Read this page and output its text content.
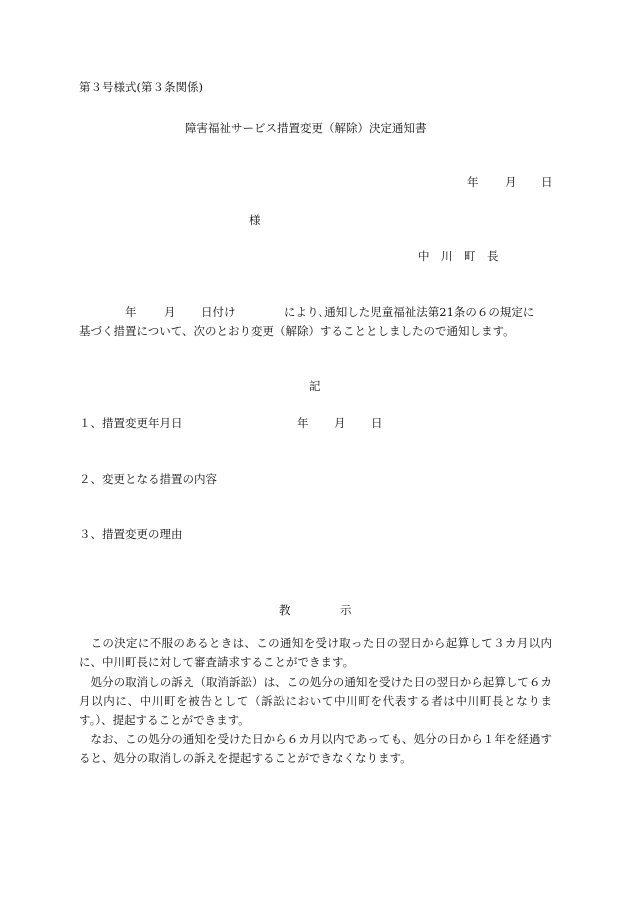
第３号様式(第３条関係)
障害福祉サービス措置変更（解除）決定通知書
年 月 日
様
中　川　町　長
年 月 日付け	により､通知した児童福祉法第21条の６の規定に
基づく措置について、次のとおり変更（解除）することとしましたので通知します。
記
１、措置変更年月日	年 月 日
２、変更となる措置の内容
３、措置変更の理由
教	示
この決定に不服のあるときは、この通知を受け取った日の翌日から起算して３カ月以内に、中川町長に対して審査請求することができます。
処分の取消しの訴え（取消訴訟）は、この処分の通知を受けた日の翌日から起算して６カ月以内に、中川町を被告として（訴訟において中川町を代表する者は中川町長となります。）、提起することができます。
なお、この処分の通知を受けた日から６カ月以内であっても、処分の日から１年を経過すると、処分の取消しの訴えを提起することができなくなります。
